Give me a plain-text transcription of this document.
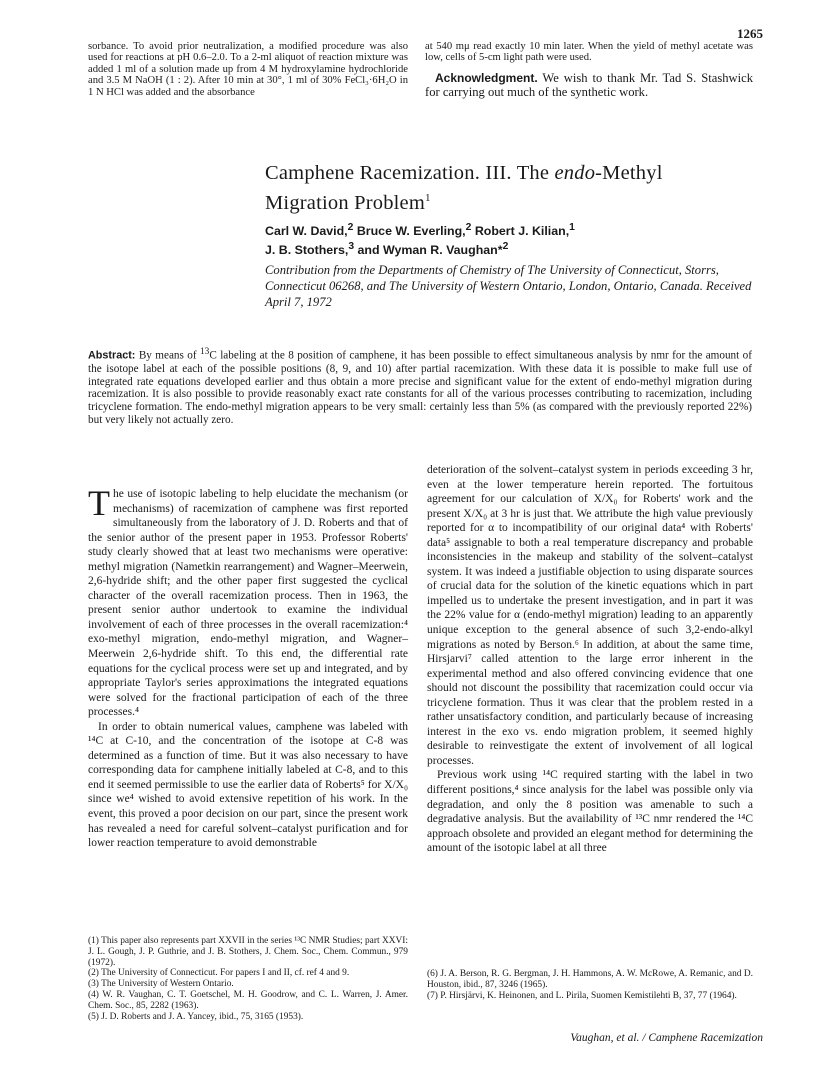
1265

sorbance. To avoid prior neutralization, a modified procedure was also used for reactions at pH 0.6–2.0. To a 2-ml aliquot of reaction mixture was added 1 ml of a solution made up from 4 M hydroxylamine hydrochloride and 3.5 M NaOH (1 : 2). After 10 min at 30°, 1 ml of 30% FeCl₃·6H₂O in 1 N HCl was added and the absorbance

at 540 mμ read exactly 10 min later. When the yield of methyl acetate was low, cells of 5-cm light path were used.

Acknowledgment. We wish to thank Mr. Tad S. Stashwick for carrying out much of the synthetic work.

Camphene Racemization. III. The endo-Methyl
Migration Problem$^1$
Carl W. David,$^2$ Bruce W. Everling,$^2$ Robert J. Kilian,$^1$
J. B. Stothers,$^3$ and Wyman R. Vaughan*$^2$
Contribution from the Departments of Chemistry of The University of Connecticut, Storrs, Connecticut 06268, and The University of Western Ontario, London, Ontario, Canada. Received April 7, 1972
Abstract: By means of $^{13}$C labeling at the 8 position of camphene, it has been possible to effect simultaneous analysis by nmr for the amount of the isotope label at each of the possible positions (8, 9, and 10) after partial racemization. With these data it is possible to make full use of integrated rate equations developed earlier and thus obtain a more precise and significant value for the extent of endo-methyl migration during racemization. It is also possible to provide reasonably exact rate constants for all of the various processes contributing to racemization, including tricyclene formation. The endo-methyl migration appears to be very small: certainly less than 5% (as compared with the previously reported 22%) but very likely not actually zero.
T he use of isotopic labeling to help elucidate the mechanism (or mechanisms) of racemization of camphene was first reported simultaneously from the laboratory of J. D. Roberts and that of the senior author of the present paper in 1953. Professor Roberts' study clearly showed that at least two mechanisms were operative: methyl migration (Nametkin rearrangement) and Wagner–Meerwein, 2,6-hydride shift; and the other paper first suggested the cyclical character of the overall racemization process. Then in 1963, the present senior author undertook to examine the individual involvement of each of three processes in the overall racemization:⁴ exo-methyl migration, endo-methyl migration, and Wagner–Meerwein 2,6-hydride shift. To this end, the differential rate equations for the cyclical process were set up and integrated, and by appropriate Taylor's series approximations the integrated equations were solved for the fractional participation of each of the three processes.⁴

In order to obtain numerical values, camphene was labeled with ¹⁴C at C-10, and the concentration of the isotope at C-8 was determined as a function of time. But it was also necessary to have corresponding data for camphene initially labeled at C-8, and to this end it seemed permissible to use the earlier data of Roberts⁵ for X/X₀ since we⁴ wished to avoid extensive repetition of his work. In the event, this proved a poor decision on our part, since the present work has revealed a need for careful solvent–catalyst purification and for lower reaction temperature to avoid demonstrable

deterioration of the solvent–catalyst system in periods exceeding 3 hr, even at the lower temperature herein reported. The fortuitous agreement for our calculation of X/X₀ for Roberts' work and the present X/X₀ at 3 hr is just that. We attribute the high value previously reported for α to incompatibility of our original data⁴ with Roberts' data⁵ assignable to both a real temperature discrepancy and probable inconsistencies in the makeup and stability of the solvent–catalyst system. It was indeed a justifiable objection to using disparate sources of crucial data for the solution of the kinetic equations which in part impelled us to undertake the present investigation, and in part it was the 22% value for α (endo-methyl migration) leading to an apparently unique exception to the general absence of such 3,2-endo-alkyl migrations as noted by Berson.⁶ In addition, at about the same time, Hirsjarvi⁷ called attention to the large error inherent in the experimental method and also offered convincing evidence that one should not discount the possibility that racemization could occur via tricyclene formation. Thus it was clear that the problem rested in a rather unsatisfactory condition, and particularly because of increasing interest in the exo vs. endo migration problem, it seemed highly desirable to reinvestigate the extent of involvement of all logical processes.

Previous work using ¹⁴C required starting with the label in two different positions,⁴ since analysis for the label was possible only via degradation, and only the 8 position was amenable to such a degradative analysis. But the availability of ¹³C nmr rendered the ¹⁴C approach obsolete and provided an elegant method for determining the amount of the isotopic label at all three

(1) This paper also represents part XXVII in the series ¹³C NMR Studies; part XXVI: J. L. Gough, J. P. Guthrie, and J. B. Stothers, J. Chem. Soc., Chem. Commun., 979 (1972).

(2) The University of Connecticut. For papers I and II, cf. ref 4 and 9.

(3) The University of Western Ontario.

(4) W. R. Vaughan, C. T. Goetschel, M. H. Goodrow, and C. L. Warren, J. Amer. Chem. Soc., 85, 2282 (1963).

(5) J. D. Roberts and J. A. Yancey, ibid., 75, 3165 (1953).

(6) J. A. Berson, R. G. Bergman, J. H. Hammons, A. W. McRowe, A. Remanic, and D. Houston, ibid., 87, 3246 (1965).

(7) P. Hirsjärvi, K. Heinonen, and L. Pirila, Suomen Kemistilehti B, 37, 77 (1964).

Vaughan, et al. / Camphene Racemization
